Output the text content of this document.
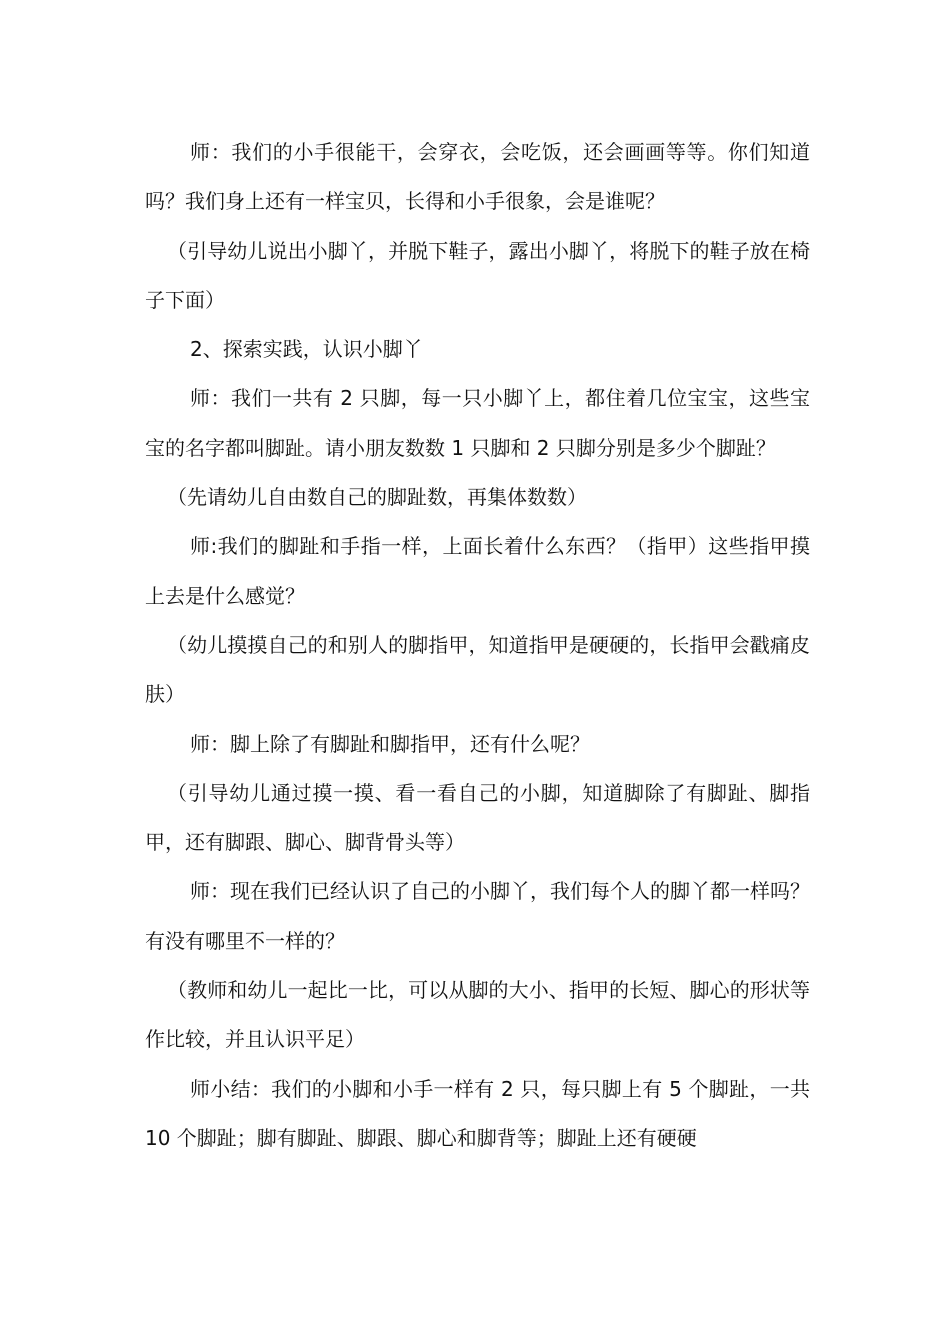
师：我们的小手很能干，会穿衣，会吃饭，还会画画等等。你们知道吗？我们身上还有一样宝贝，长得和小手很象，会是谁呢？

（引导幼儿说出小脚丫，并脱下鞋子，露出小脚丫，将脱下的鞋子放在椅子下面）

2、探索实践，认识小脚丫

师：我们一共有 2 只脚，每一只小脚丫上，都住着几位宝宝，这些宝宝的名字都叫脚趾。请小朋友数数 1 只脚和 2 只脚分别是多少个脚趾？

（先请幼儿自由数自己的脚趾数，再集体数数）

师:我们的脚趾和手指一样，上面长着什么东西？（指甲）这些指甲摸上去是什么感觉？

（幼儿摸摸自己的和别人的脚指甲，知道指甲是硬硬的，长指甲会戳痛皮肤）

师：脚上除了有脚趾和脚指甲，还有什么呢？

（引导幼儿通过摸一摸、看一看自己的小脚，知道脚除了有脚趾、脚指甲，还有脚跟、脚心、脚背骨头等）

师：现在我们已经认识了自己的小脚丫，我们每个人的脚丫都一样吗？有没有哪里不一样的？

（教师和幼儿一起比一比，可以从脚的大小、指甲的长短、脚心的形状等作比较，并且认识平足）

师小结：我们的小脚和小手一样有 2 只，每只脚上有 5 个脚趾，一共 10 个脚趾；脚有脚趾、脚跟、脚心和脚背等；脚趾上还有硬硬
